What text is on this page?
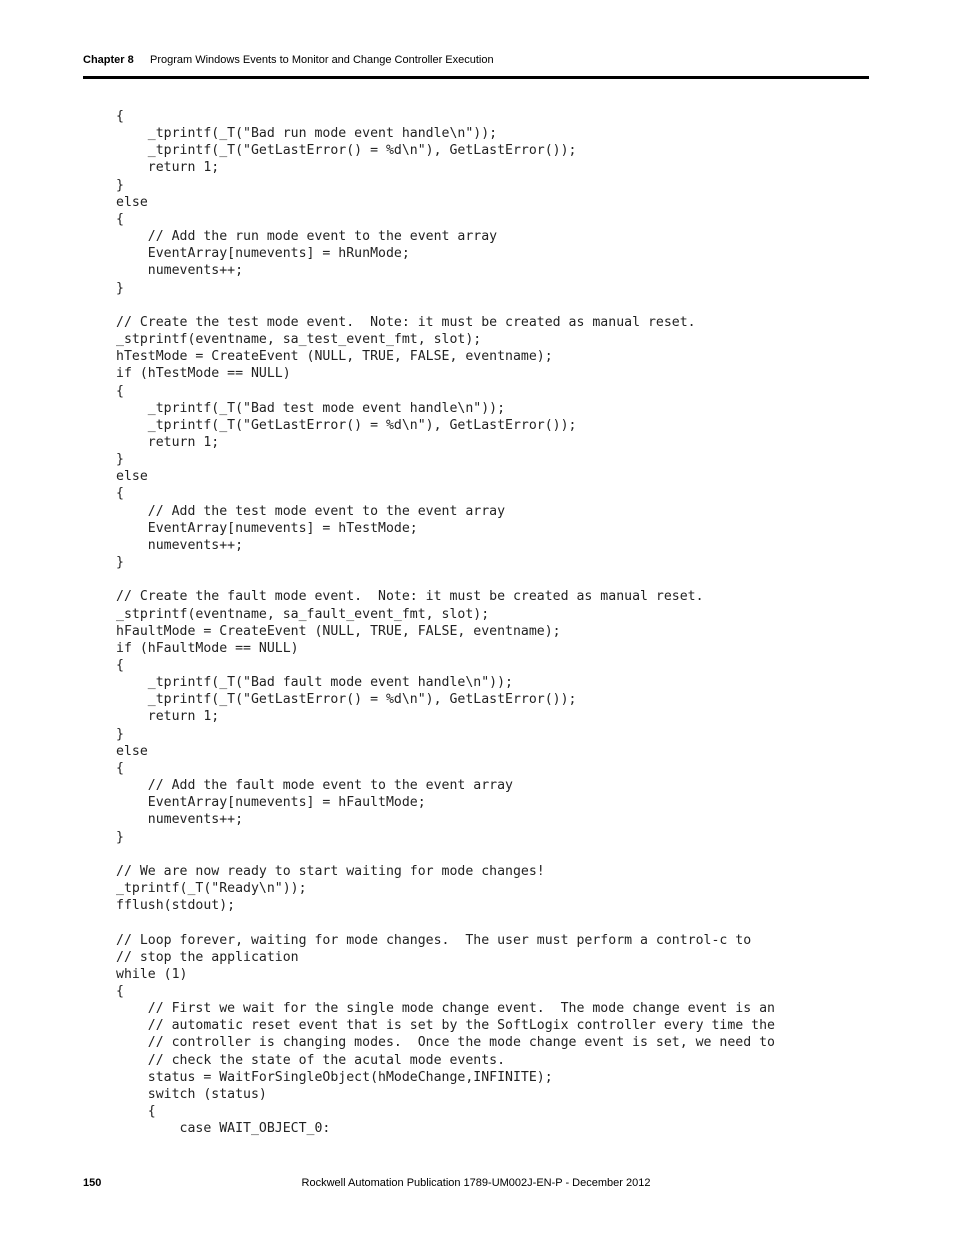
Chapter 8 Program Windows Events to Monitor and Change Controller Execution
{
_tprintf(_T("Bad run mode event handle\n"));
_tprintf(_T("GetLastError() = %d\n"), GetLastError());
return 1;
}
else
{
// Add the run mode event to the event array
EventArray[numevents] = hRunMode;
numevents++;
}

// Create the test mode event.  Note: it must be created as manual reset.
_stprintf(eventname, sa_test_event_fmt, slot);
hTestMode = CreateEvent (NULL, TRUE, FALSE, eventname);
if (hTestMode == NULL)
{
_tprintf(_T("Bad test mode event handle\n"));
_tprintf(_T("GetLastError() = %d\n"), GetLastError());
return 1;
}
else
{
// Add the test mode event to the event array
EventArray[numevents] = hTestMode;
numevents++;
}

// Create the fault mode event.  Note: it must be created as manual reset.
_stprintf(eventname, sa_fault_event_fmt, slot);
hFaultMode = CreateEvent (NULL, TRUE, FALSE, eventname);
if (hFaultMode == NULL)
{
_tprintf(_T("Bad fault mode event handle\n"));
_tprintf(_T("GetLastError() = %d\n"), GetLastError());
return 1;
}
else
{
// Add the fault mode event to the event array
EventArray[numevents] = hFaultMode;
numevents++;
}

// We are now ready to start waiting for mode changes!
_tprintf(_T("Ready\n"));
fflush(stdout);

// Loop forever, waiting for mode changes.  The user must perform a control-c to
// stop the application
while (1)
{
// First we wait for the single mode change event.  The mode change event is an
// automatic reset event that is set by the SoftLogix controller every time the
// controller is changing modes.  Once the mode change event is set, we need to
// check the state of the acutal mode events.
status = WaitForSingleObject(hModeChange,INFINITE);
switch (status)
{
case WAIT_OBJECT_0:

150	Rockwell Automation Publication 1789-UM002J-EN-P - December 2012
